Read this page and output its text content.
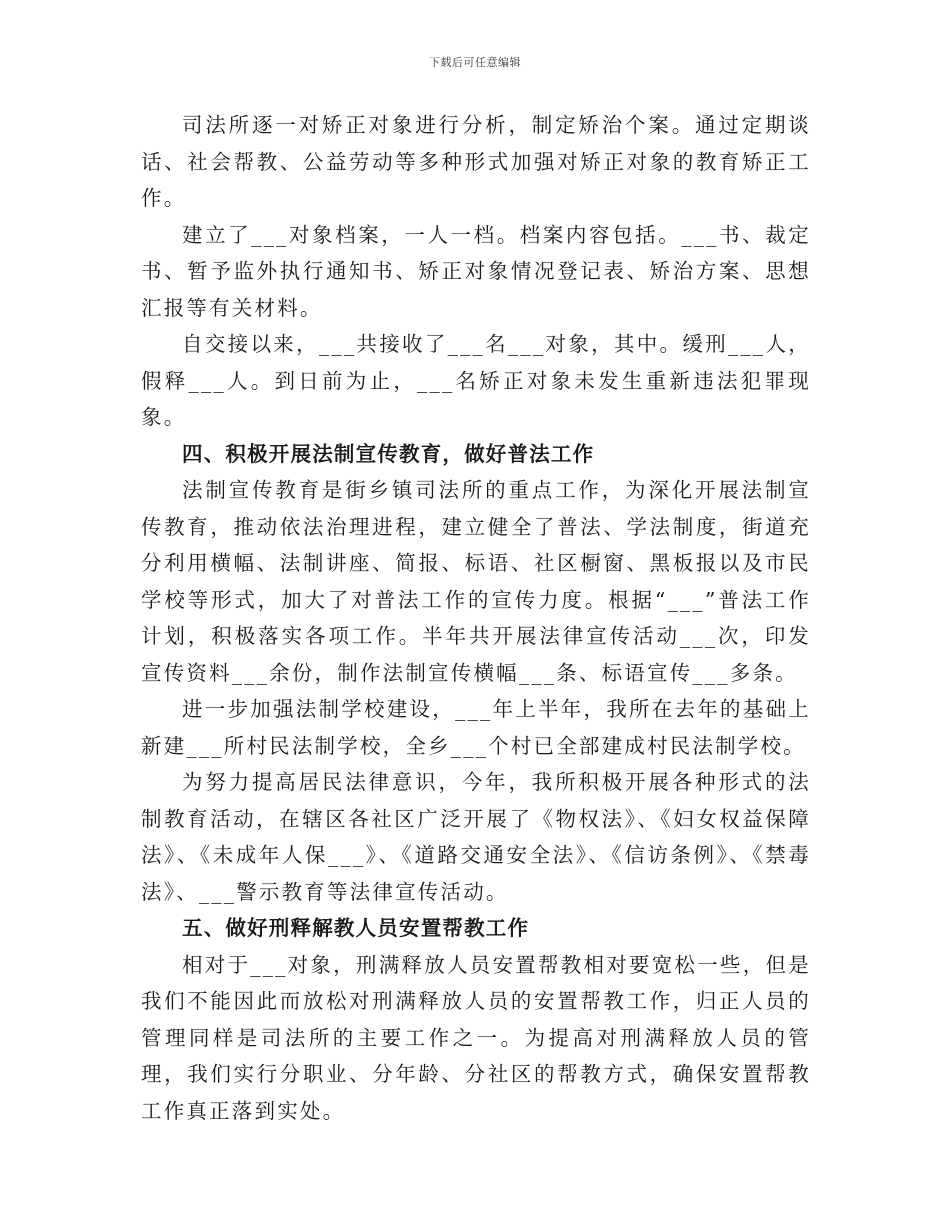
下载后可任意编辑

司法所逐一对矫正对象进行分析，制定矫治个案。通过定期谈话、社会帮教、公益劳动等多种形式加强对矫正对象的教育矫正工作。

建立了___对象档案，一人一档。档案内容包括。___书、裁定书、暂予监外执行通知书、矫正对象情况登记表、矫治方案、思想汇报等有关材料。

自交接以来，___共接收了___名___对象，其中。缓刑___人，假释___人。到日前为止，___名矫正对象未发生重新违法犯罪现象。

四、积极开展法制宣传教育，做好普法工作

法制宣传教育是街乡镇司法所的重点工作，为深化开展法制宣传教育，推动依法治理进程，建立健全了普法、学法制度，街道充分利用横幅、法制讲座、简报、标语、社区橱窗、黑板报以及市民学校等形式，加大了对普法工作的宣传力度。根据“___”普法工作计划，积极落实各项工作。半年共开展法律宣传活动___次，印发宣传资料___余份，制作法制宣传横幅___条、标语宣传___多条。

进一步加强法制学校建设，___年上半年，我所在去年的基础上新建___所村民法制学校，全乡___个村已全部建成村民法制学校。

为努力提高居民法律意识，今年，我所积极开展各种形式的法制教育活动，在辖区各社区广泛开展了《物权法》、《妇女权益保障法》、《未成年人保___》、《道路交通安全法》、《信访条例》、《禁毒法》、___警示教育等法律宣传活动。

五、做好刑释解教人员安置帮教工作

相对于___对象，刑满释放人员安置帮教相对要宽松一些，但是我们不能因此而放松对刑满释放人员的安置帮教工作，归正人员的管理同样是司法所的主要工作之一。为提高对刑满释放人员的管理，我们实行分职业、分年龄、分社区的帮教方式，确保安置帮教工作真正落到实处。
